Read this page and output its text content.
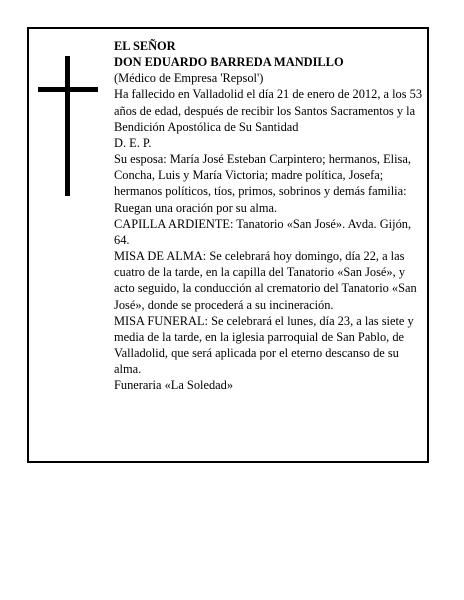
EL SEÑOR

DON EDUARDO BARREDA MANDILLO

(Médico de Empresa 'Repsol')

Ha fallecido en Valladolid el día 21 de enero de 2012, a los 53 años de edad, después de recibir los Santos Sacramentos y la Bendición Apostólica de Su Santidad

D. E. P.

Su esposa: María José Esteban Carpintero; hermanos, Elisa, Concha, Luis y María Victoria; madre política, Josefa; hermanos políticos, tíos, primos, sobrinos y demás familia:

Ruegan una oración por su alma.

CAPILLA ARDIENTE: Tanatorio «San José». Avda. Gijón, 64.

MISA DE ALMA: Se celebrará hoy domingo, día 22, a las cuatro de la tarde, en la capilla del Tanatorio «San José», y acto seguido, la conducción al crematorio del Tanatorio «San José», donde se procederá a su incineración.

MISA FUNERAL: Se celebrará el lunes, día 23, a las siete y media de la tarde, en la iglesia parroquial de San Pablo, de Valladolid, que será aplicada por el eterno descanso de su alma.

Funeraria «La Soledad»
